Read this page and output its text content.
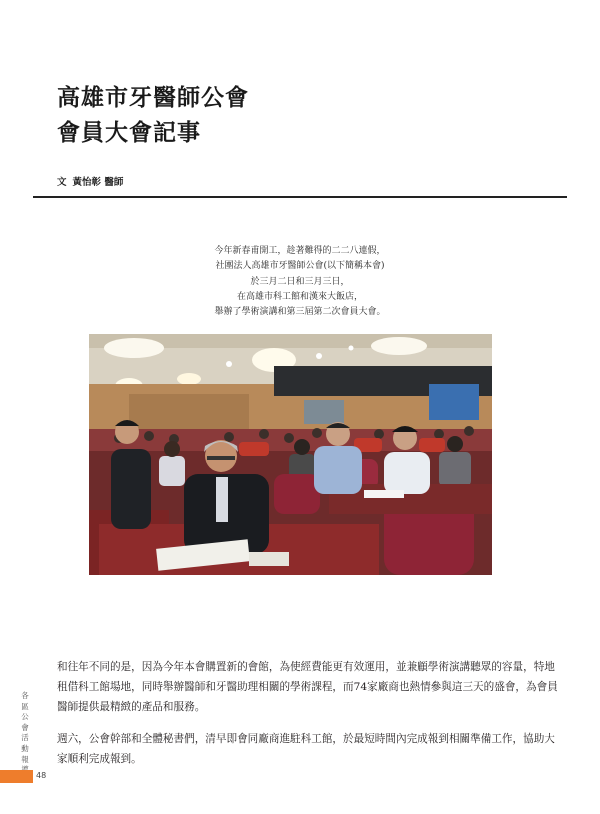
高雄市牙醫師公會
會員大會記事
文 黃怡彰 醫師
今年新春甫開工，趁著難得的二二八連假，
社團法人高雄市牙醫師公會(以下簡稱本會)
於三月二日和三月三日，
在高雄市科工館和漢來大飯店，
舉辦了學術演講和第三屆第二次會員大會。

和往年不同的是，因為今年本會購置新的會館，為使經費能更有效運用，並兼顧學術演講聽眾的容量，特地租借科工館場地，同時舉辦醫師和牙醫助理相關的學術課程，而74家廠商也熱情參與這三天的盛會，為會員醫師提供最精緻的產品和服務。

週六，公會幹部和全體秘書們，清早即會同廠商進駐科工館，於最短時間內完成報到相關準備工作，協助大家順利完成報到。

各區公會活動報
48
